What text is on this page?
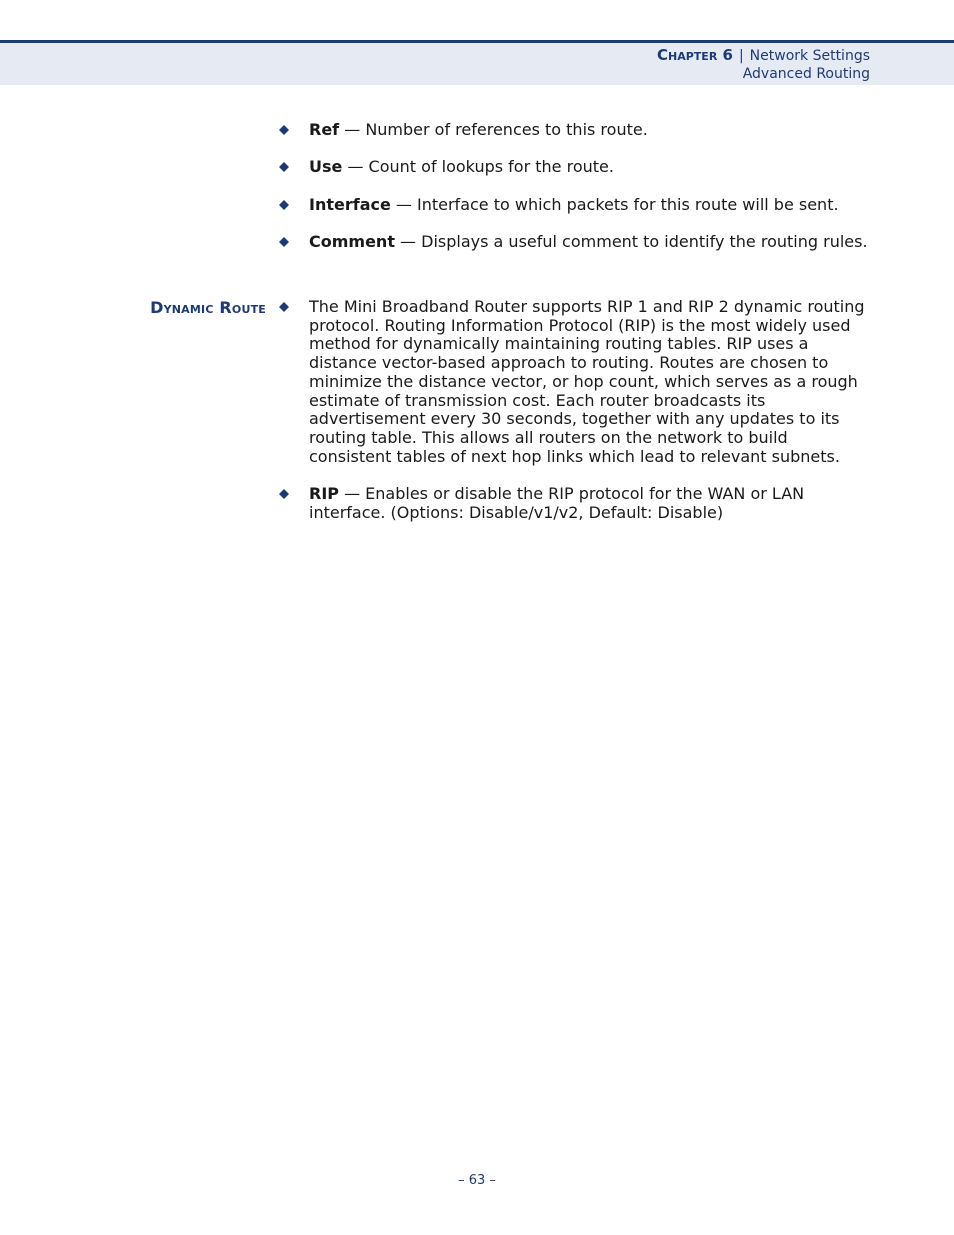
Chapter 6 | Network Settings
Advanced Routing
Ref — Number of references to this route.
Use — Count of lookups for the route.
Interface — Interface to which packets for this route will be sent.
Comment — Displays a useful comment to identify the routing rules.
Dynamic Route	The Mini Broadband Router supports RIP 1 and RIP 2 dynamic routing protocol. Routing Information Protocol (RIP) is the most widely used method for dynamically maintaining routing tables. RIP uses a distance vector-based approach to routing. Routes are chosen to minimize the distance vector, or hop count, which serves as a rough estimate of transmission cost. Each router broadcasts its advertisement every 30 seconds, together with any updates to its routing table. This allows all routers on the network to build consistent tables of next hop links which lead to relevant subnets.
RIP — Enables or disable the RIP protocol for the WAN or LAN interface. (Options: Disable/v1/v2, Default: Disable)
– 63 –
